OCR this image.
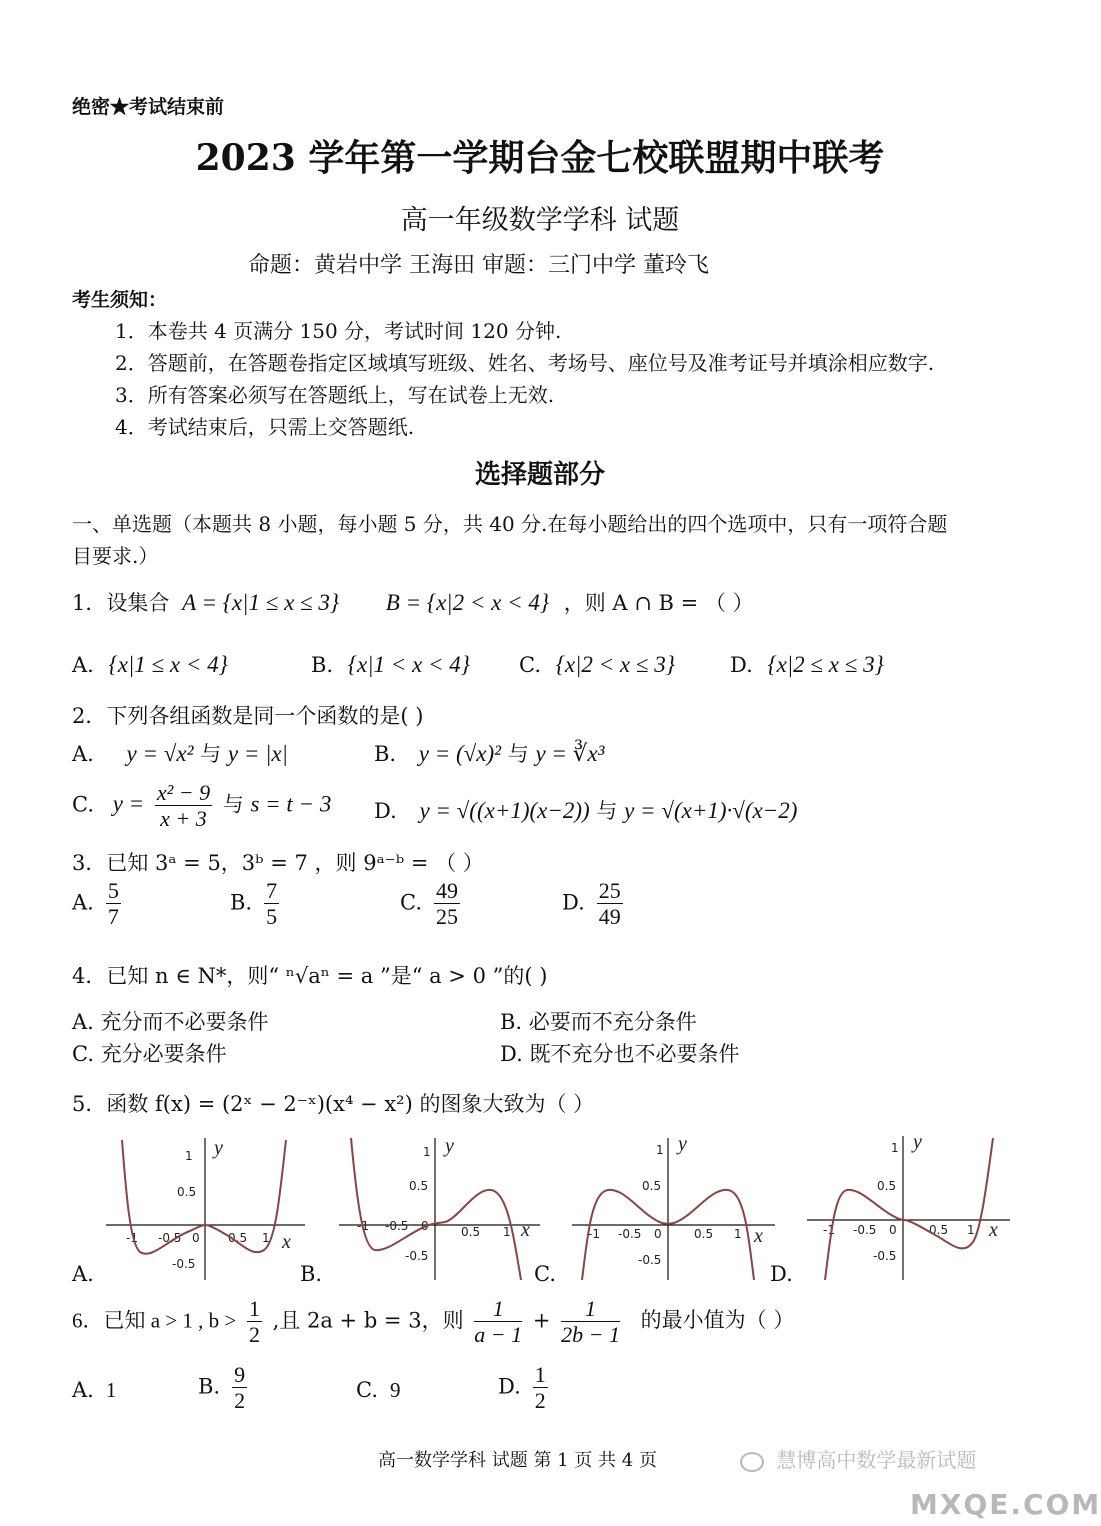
绝密★考试结束前
2023 学年第一学期台金七校联盟期中联考
高一年级数学学科 试题
命题：黄岩中学 王海田 审题：三门中学 董玲飞
考生须知：
1．本卷共 4 页满分 150 分，考试时间 120 分钟.
2．答题前，在答题卷指定区域填写班级、姓名、考场号、座位号及准考证号并填涂相应数字.
3．所有答案必须写在答题纸上，写在试卷上无效.
4．考试结束后，只需上交答题纸.
选择题部分
一、单选题（本题共 8 小题，每小题 5 分，共 40 分.在每小题给出的四个选项中，只有一项符合题
目要求.）
1．设集合 A = {x|1 ≤ x ≤ 3} B = {x|2 < x < 4} ，则 A ∩ B = （ ）
A. {x|1 ≤ x < 4}	B. {x|1 < x < 4} C. {x|2 < x ≤ 3}	D. {x|2 ≤ x ≤ 3}
2．下列各组函数是同一个函数的是( )
A. y = √x² 与 y = |x|	B. y = (√x)² 与 y = ∛x³
C. $y = \frac{\text{x² − 9}}{x + 3}$ 与 s = t − 3 D. y = √((x+1)(x−2)) 与 y = √(x+1)·√(x−2)
3．已知 3ᵃ = 5，3ᵇ = 7 ，则 9ᵃ⁻ᵇ = （ ）
A. $\frac{5}{7}$	B. $\frac{7}{5}$	C. $\frac{49}{25}$	D. $\frac{25}{49}$
4．已知 n ∈ N*，则“ ⁿ√aⁿ = a ”是“ a > 0 ”的( )
A. 充分而不必要条件	B. 必要而不充分条件
C. 充分必要条件	D. 既不充分也不必要条件
5．函数 f(x) = (2ˣ − 2⁻ˣ)(x⁴ − x²) 的图象大致为（ ）
y
x
1
0.5
-0.5
-1 -0.5 0 0.5 1
A.
y
x
1
0.5
-0.5
-1 -0.5 0	0.5 1
B.
y
x
1
0.5
-0.5
-1 -0.5 0	0.5 1
C.
y
x
1
0.5
-0.5
-1 -0.5 0	0.5 1
D.
6．已知 a > 1 , $b > \frac{1}{2}$ ,且 2a + b = 3，则 $\frac{1}{a - 1} + \frac{1}{2b - 1}$ 的最小值为（ ）
A. 1	B. $\frac{9}{2}$	C. 9	D. $\frac{1}{2}$
高一数学学科 试题 第 1 页 共 4 页	慧博高中数学最新试题
MXQE.COM
